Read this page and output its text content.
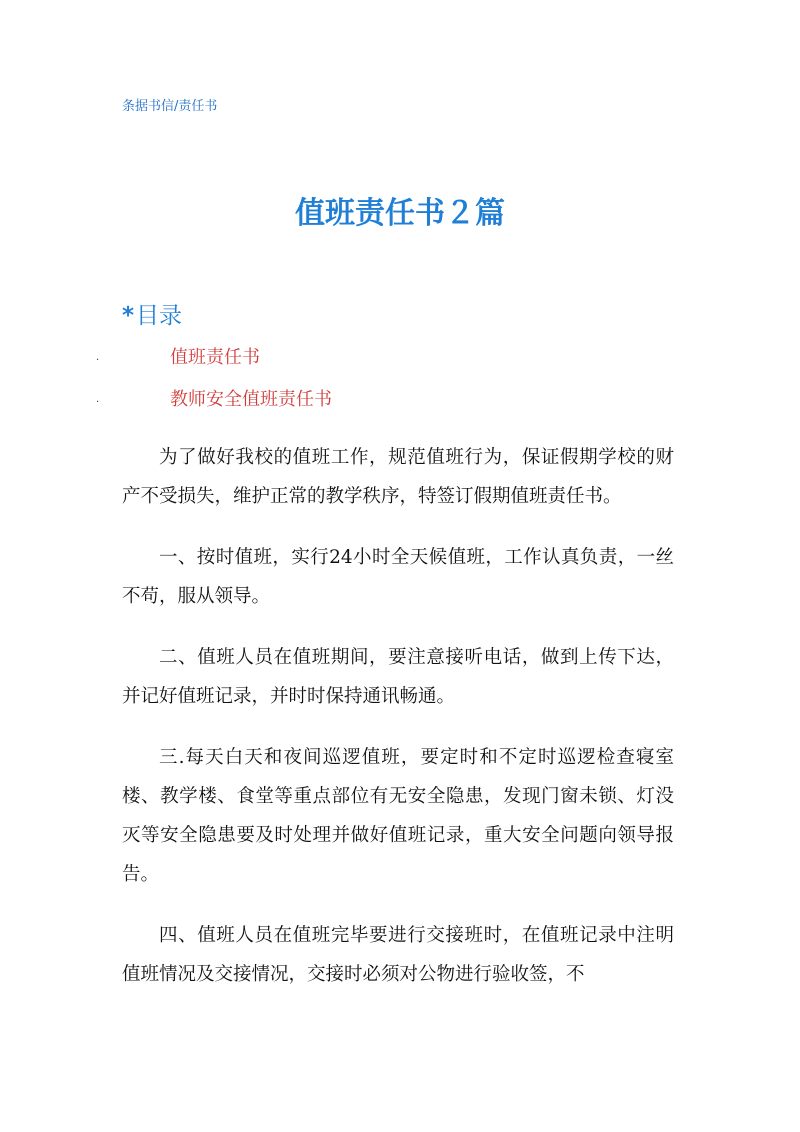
条据书信/责任书
值班责任书２篇
*目录
.	值班责任书
.	教师安全值班责任书

为了做好我校的值班工作，规范值班行为，保证假期学校的财产不受损失，维护正常的教学秩序，特签订假期值班责任书。

一、按时值班，实行24小时全天候值班，工作认真负责，一丝不苟，服从领导。

二、值班人员在值班期间，要注意接听电话，做到上传下达，并记好值班记录，并时时保持通讯畅通。

三.每天白天和夜间巡逻值班，要定时和不定时巡逻检查寝室楼、教学楼、食堂等重点部位有无安全隐患，发现门窗未锁、灯没灭等安全隐患要及时处理并做好值班记录，重大安全问题向领导报告。

四、值班人员在值班完毕要进行交接班时，在值班记录中注明值班情况及交接情况，交接时必须对公物进行验收签，不
